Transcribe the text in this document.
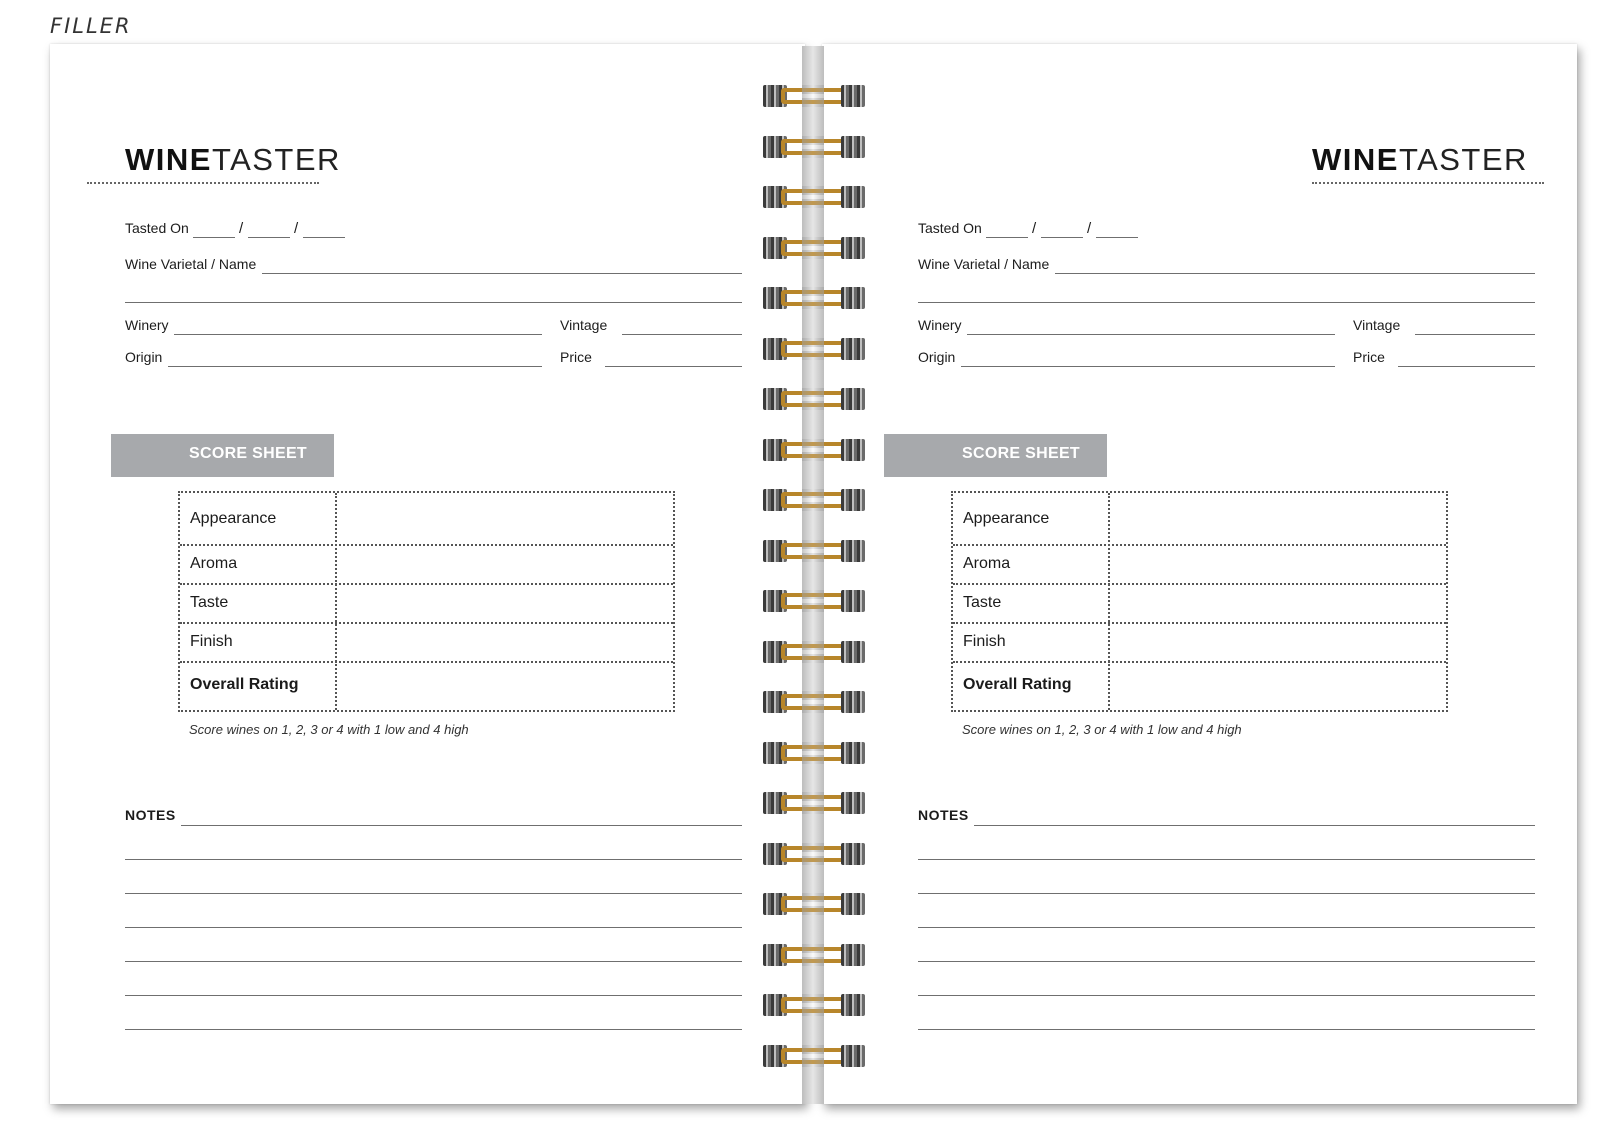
FILLER
WINETASTER
Tasted On	/	/
Wine Varietal / Name
Winery	Vintage
Origin	Price
SCORE SHEET
Appearance
Aroma
Taste
Finish
Overall Rating
Score wines on 1, 2, 3 or 4 with 1 low and 4 high
NOTES
WINETASTER
Tasted On	/	/
Wine Varietal / Name
Winery	Vintage
Origin	Price
SCORE SHEET
Appearance
Aroma
Taste
Finish
Overall Rating
Score wines on 1, 2, 3 or 4 with 1 low and 4 high
NOTES
